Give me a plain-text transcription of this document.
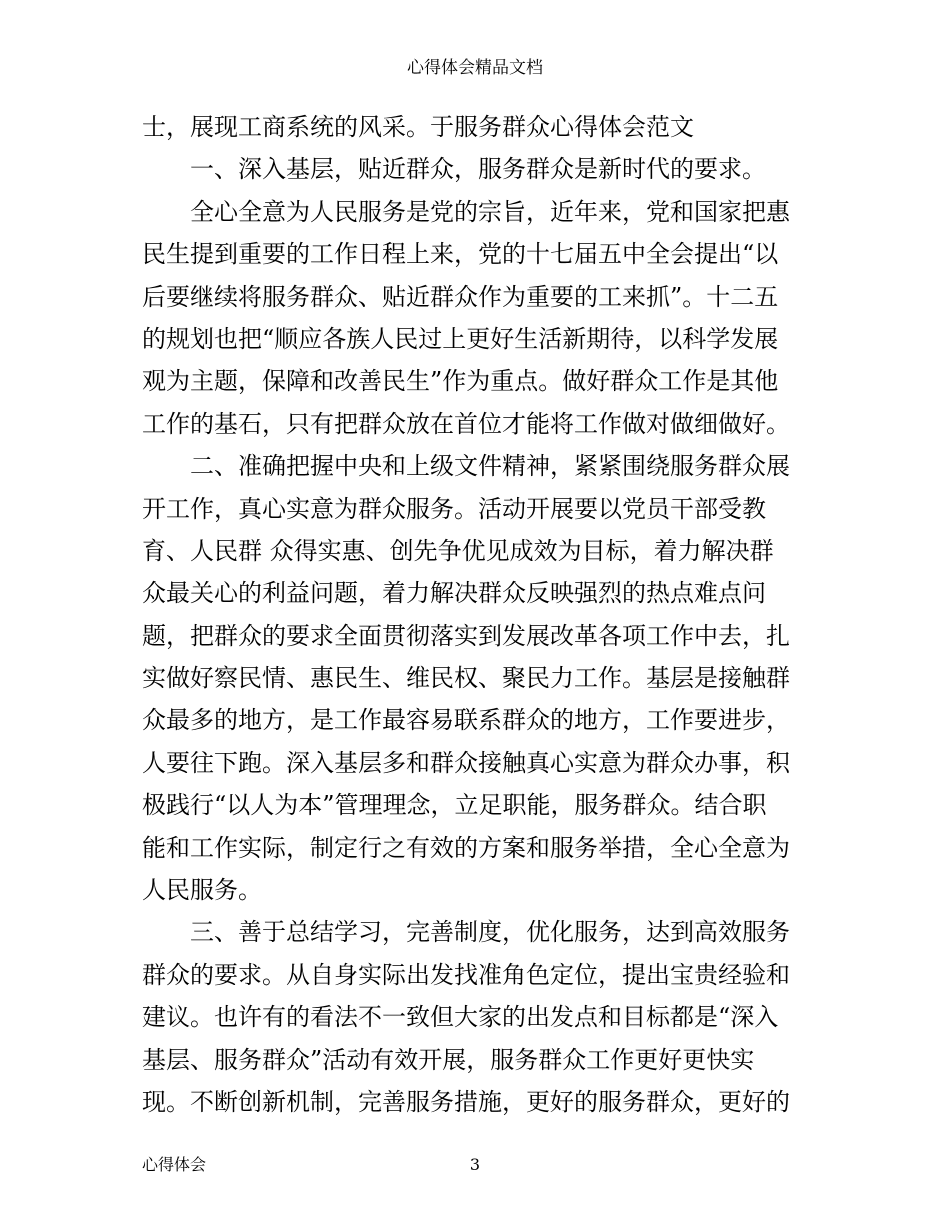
心得体会精品文档
士，展现工商系统的风采。于服务群众心得体会范文
　　一、深入基层，贴近群众，服务群众是新时代的要求。
　　全心全意为人民服务是党的宗旨，近年来，党和国家把惠
民生提到重要的工作日程上来，党的十七届五中全会提出“以
后要继续将服务群众、贴近群众作为重要的工来抓”。十二五
的规划也把“顺应各族人民过上更好生活新期待，以科学发展
观为主题，保障和改善民生”作为重点。做好群众工作是其他
工作的基石，只有把群众放在首位才能将工作做对做细做好。
　　二、准确把握中央和上级文件精神，紧紧围绕服务群众展
开工作，真心实意为群众服务。活动开展要以党员干部受教
育、人民群 众得实惠、创先争优见成效为目标，着力解决群
众最关心的利益问题，着力解决群众反映强烈的热点难点问
题，把群众的要求全面贯彻落实到发展改革各项工作中去，扎
实做好察民情、惠民生、维民权、聚民力工作。基层是接触群
众最多的地方，是工作最容易联系群众的地方，工作要进步，
人要往下跑。深入基层多和群众接触真心实意为群众办事，积
极践行“以人为本”管理理念，立足职能，服务群众。结合职
能和工作实际，制定行之有效的方案和服务举措，全心全意为
人民服务。
　　三、善于总结学习，完善制度，优化服务，达到高效服务
群众的要求。从自身实际出发找准角色定位，提出宝贵经验和
建议。也许有的看法不一致但大家的出发点和目标都是“深入
基层、服务群众”活动有效开展，服务群众工作更好更快实
现。不断创新机制，完善服务措施，更好的服务群众，更好的
心得体会	3
